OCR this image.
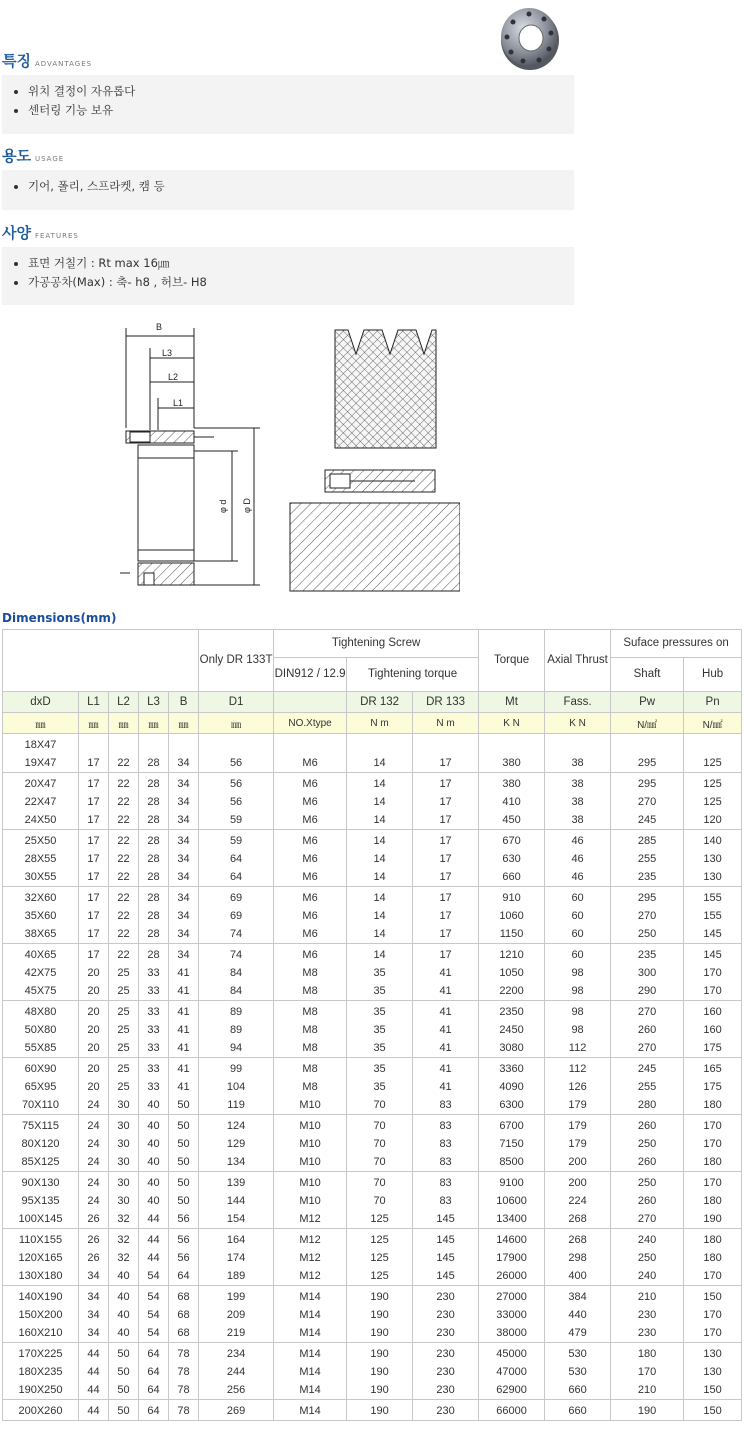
특징 ADVANTAGES
위치 결정이 자유롭다
센터링 기능 보유
용도 USAGE
기어, 폴리, 스프라켓, 캠 등
사양 FEATURES
표면 거칠기 : Rt max 16㎛
가공공차(Max) : 축- h8 , 허브- H8
B
L3
L2
L1
φ d φ D
Dimensions(mm)
					Only DR 133T	Tightening Screw			Torque	Axial Thrust	Suface pressures on	
						DIN912 / 12.9	Tightening torque				Shaft	Hub
dxD	L1	L2	L3	B	D1		DR 132	DR 133	Mt	Fass.	Pw	Pn
㎜	㎜	㎜	㎜	㎜	㎜	NO.Xtype	N m	N m	K N	K N	N/㎟	N/㎟
18X47												
19X47	17	22	28	34	56	M6	14	17	380	38	295	125
20X47	17	22	28	34	56	M6	14	17	380	38	295	125
22X47	17	22	28	34	56	M6	14	17	410	38	270	125
24X50	17	22	28	34	59	M6	14	17	450	38	245	120
25X50	17	22	28	34	59	M6	14	17	670	46	285	140
28X55	17	22	28	34	64	M6	14	17	630	46	255	130
30X55	17	22	28	34	64	M6	14	17	660	46	235	130
32X60	17	22	28	34	69	M6	14	17	910	60	295	155
35X60	17	22	28	34	69	M6	14	17	1060	60	270	155
38X65	17	22	28	34	74	M6	14	17	1150	60	250	145
40X65	17	22	28	34	74	M6	14	17	1210	60	235	145
42X75	20	25	33	41	84	M8	35	41	1050	98	300	170
45X75	20	25	33	41	84	M8	35	41	2200	98	290	170
48X80	20	25	33	41	89	M8	35	41	2350	98	270	160
50X80	20	25	33	41	89	M8	35	41	2450	98	260	160
55X85	20	25	33	41	94	M8	35	41	3080	112	270	175
60X90	20	25	33	41	99	M8	35	41	3360	112	245	165
65X95	20	25	33	41	104	M8	35	41	4090	126	255	175
70X110	24	30	40	50	119	M10	70	83	6300	179	280	180
75X115	24	30	40	50	124	M10	70	83	6700	179	260	170
80X120	24	30	40	50	129	M10	70	83	7150	179	250	170
85X125	24	30	40	50	134	M10	70	83	8500	200	260	180
90X130	24	30	40	50	139	M10	70	83	9100	200	250	170
95X135	24	30	40	50	144	M10	70	83	10600	224	260	180
100X145	26	32	44	56	154	M12	125	145	13400	268	270	190
110X155	26	32	44	56	164	M12	125	145	14600	268	240	180
120X165	26	32	44	56	174	M12	125	145	17900	298	250	180
130X180	34	40	54	64	189	M12	125	145	26000	400	240	170
140X190	34	40	54	68	199	M14	190	230	27000	384	210	150
150X200	34	40	54	68	209	M14	190	230	33000	440	230	170
160X210	34	40	54	68	219	M14	190	230	38000	479	230	170
170X225	44	50	64	78	234	M14	190	230	45000	530	180	130
180X235	44	50	64	78	244	M14	190	230	47000	530	170	130
190X250	44	50	64	78	256	M14	190	230	62900	660	210	150
200X260	44	50	64	78	269	M14	190	230	66000	660	190	150
